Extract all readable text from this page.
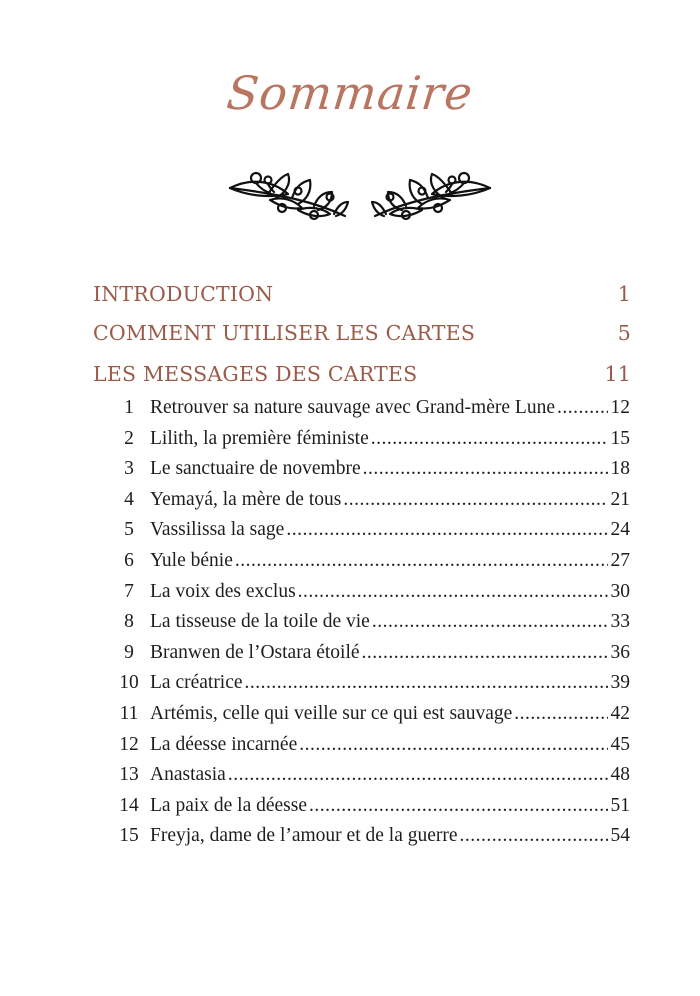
Sommaire
INTRODUCTION	1
COMMENT UTILISER LES CARTES	5
LES MESSAGES DES CARTES	11
1 Retrouver sa nature sauvage avec Grand-mère Lune .....	12
2 Lilith, la première féministe .....	15
3 Le sanctuaire de novembre .....	18
4 Yemayá, la mère de tous .....	21
5 Vassilissa la sage .....	24
6 Yule bénie .....	27
7 La voix des exclus .....	30
8 La tisseuse de la toile de vie .....	33
9 Branwen de l’Ostara étoilé .....	36
10 La créatrice .....	39
11 Artémis, celle qui veille sur ce qui est sauvage .....	42
12 La déesse incarnée .....	45
13 Anastasia .....	48
14 La paix de la déesse .....	51
15 Freyja, dame de l’amour et de la guerre .....	54
